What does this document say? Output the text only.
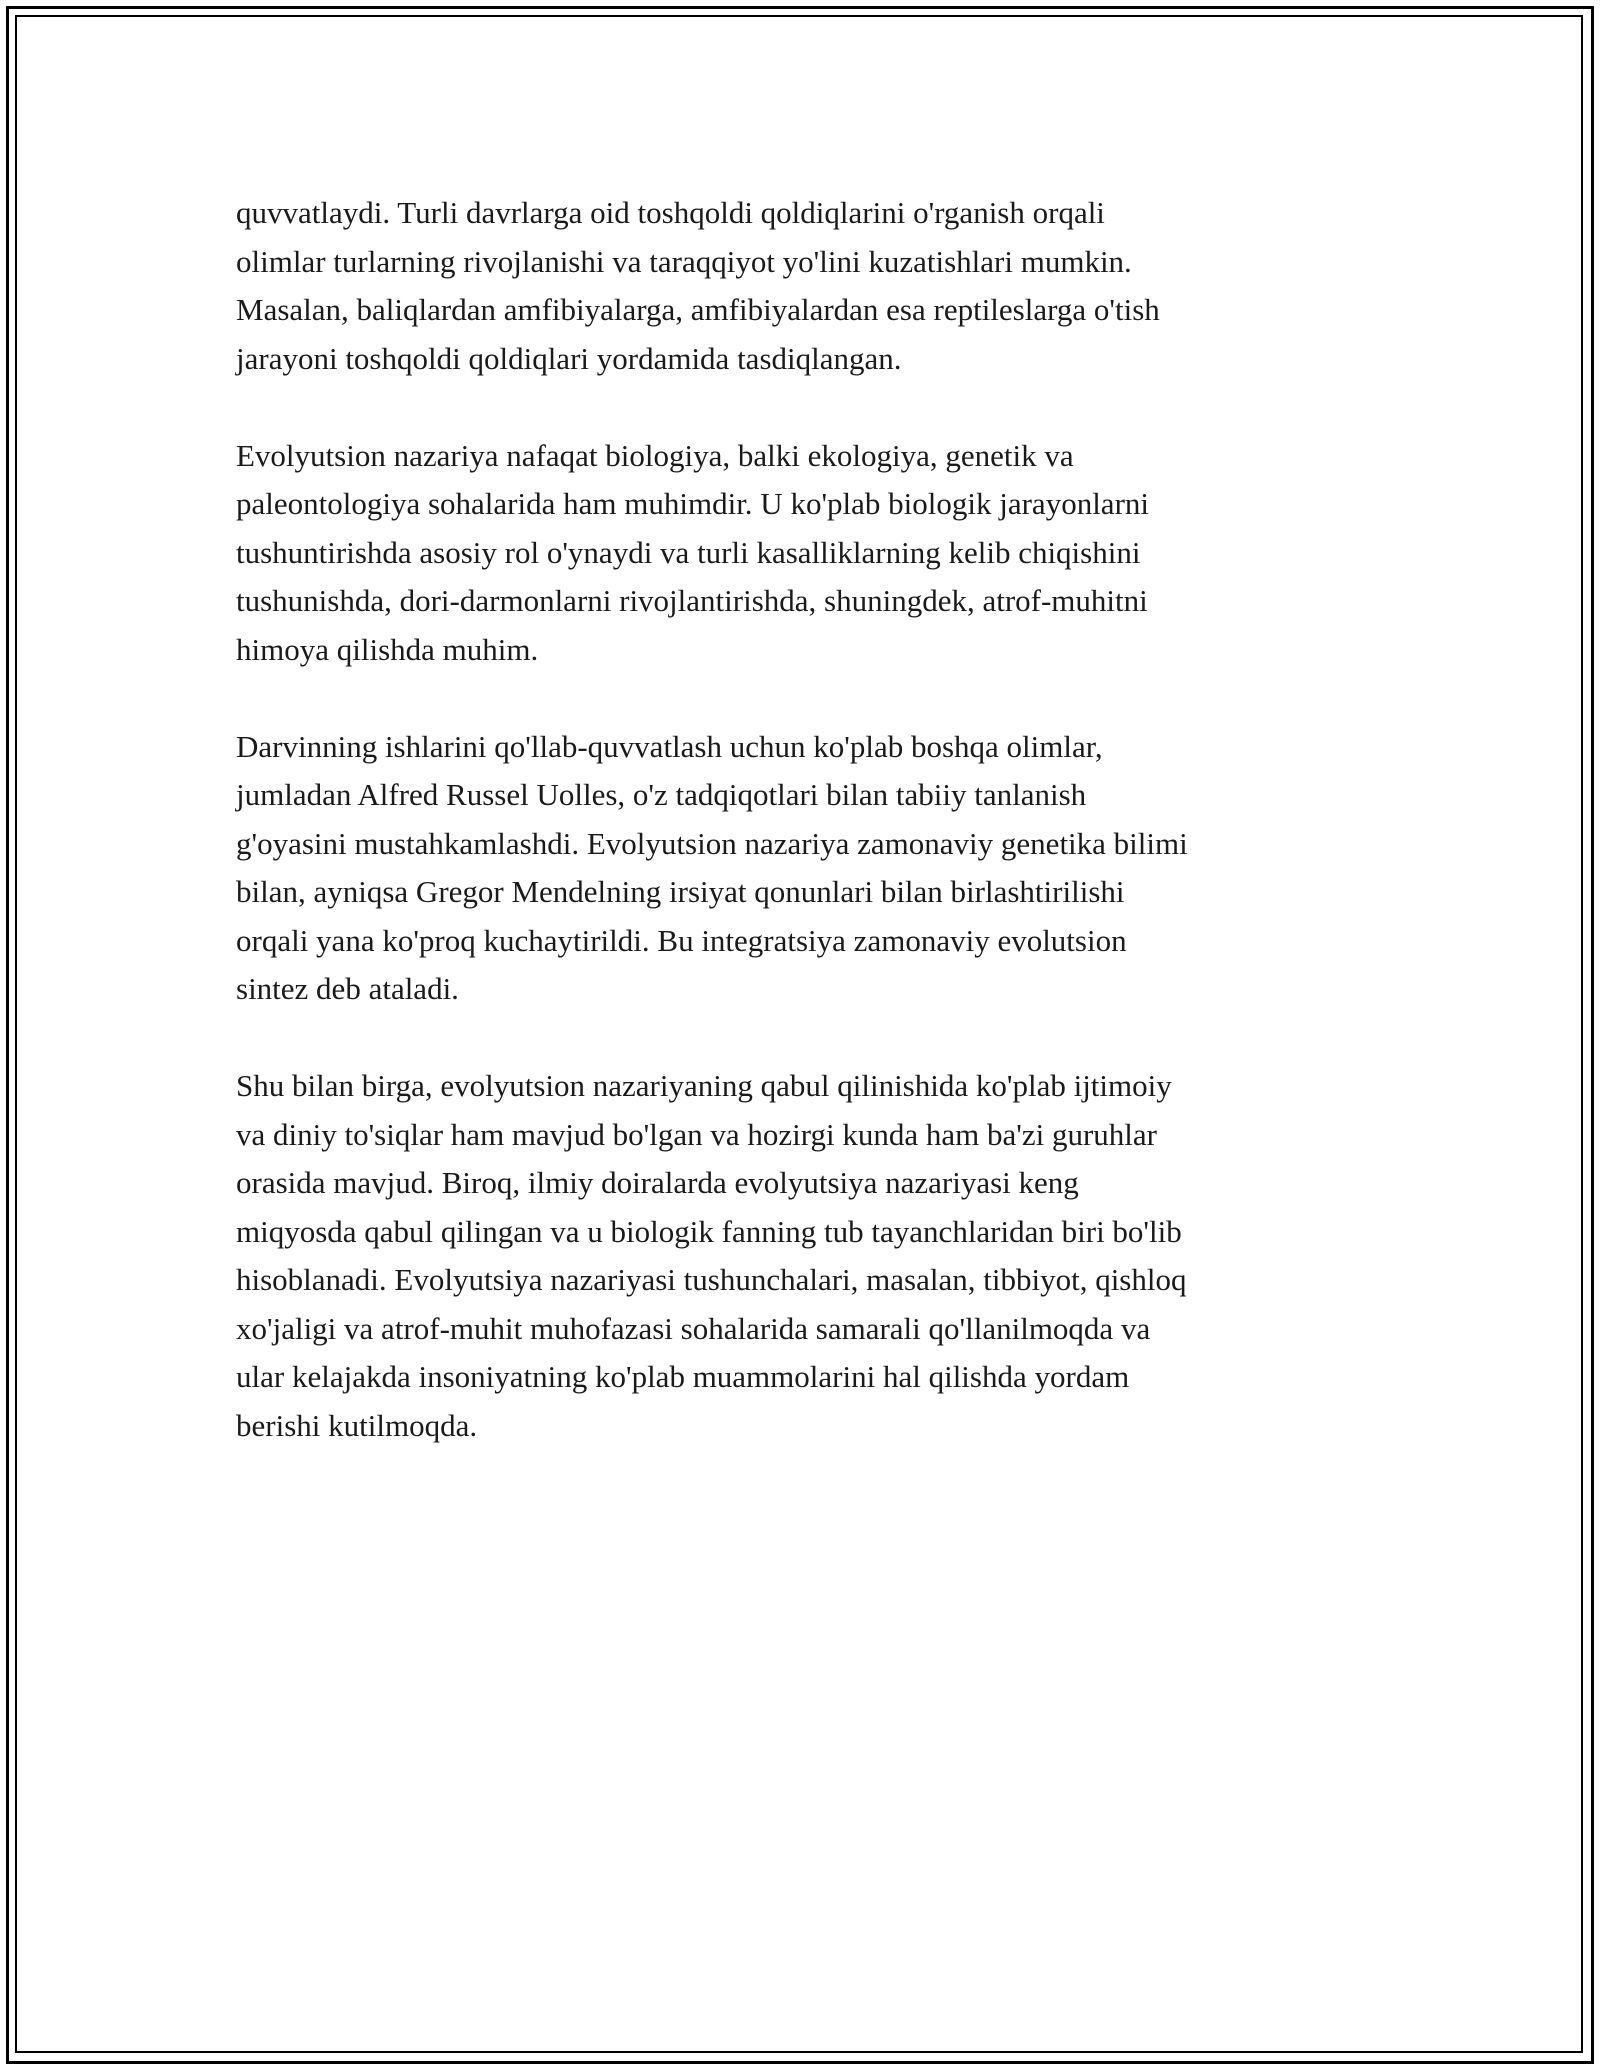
quvvatlaydi. Turli davrlarga oid toshqoldi qoldiqlarini o'rganish orqali
olimlar turlarning rivojlanishi va taraqqiyot yo'lini kuzatishlari mumkin.
Masalan, baliqlardan amfibiyalarga, amfibiyalardan esa reptileslarga o'tish
jarayoni toshqoldi qoldiqlari yordamida tasdiqlangan.

Evolyutsion nazariya nafaqat biologiya, balki ekologiya, genetik va
paleontologiya sohalarida ham muhimdir. U ko'plab biologik jarayonlarni
tushuntirishda asosiy rol o'ynaydi va turli kasalliklarning kelib chiqishini
tushunishda, dori-darmonlarni rivojlantirishda, shuningdek, atrof-muhitni
himoya qilishda muhim.

Darvinning ishlarini qo'llab-quvvatlash uchun ko'plab boshqa olimlar,
jumladan Alfred Russel Uolles, o'z tadqiqotlari bilan tabiiy tanlanish
g'oyasini mustahkamlashdi. Evolyutsion nazariya zamonaviy genetika bilimi
bilan, ayniqsa Gregor Mendelning irsiyat qonunlari bilan birlashtirilishi
orqali yana ko'proq kuchaytirildi. Bu integratsiya zamonaviy evolutsion
sintez deb ataladi.

Shu bilan birga, evolyutsion nazariyaning qabul qilinishida ko'plab ijtimoiy
va diniy to'siqlar ham mavjud bo'lgan va hozirgi kunda ham ba'zi guruhlar
orasida mavjud. Biroq, ilmiy doiralarda evolyutsiya nazariyasi keng
miqyosda qabul qilingan va u biologik fanning tub tayanchlaridan biri bo'lib
hisoblanadi. Evolyutsiya nazariyasi tushunchalari, masalan, tibbiyot, qishloq
xo'jaligi va atrof-muhit muhofazasi sohalarida samarali qo'llanilmoqda va
ular kelajakda insoniyatning ko'plab muammolarini hal qilishda yordam
berishi kutilmoqda.
